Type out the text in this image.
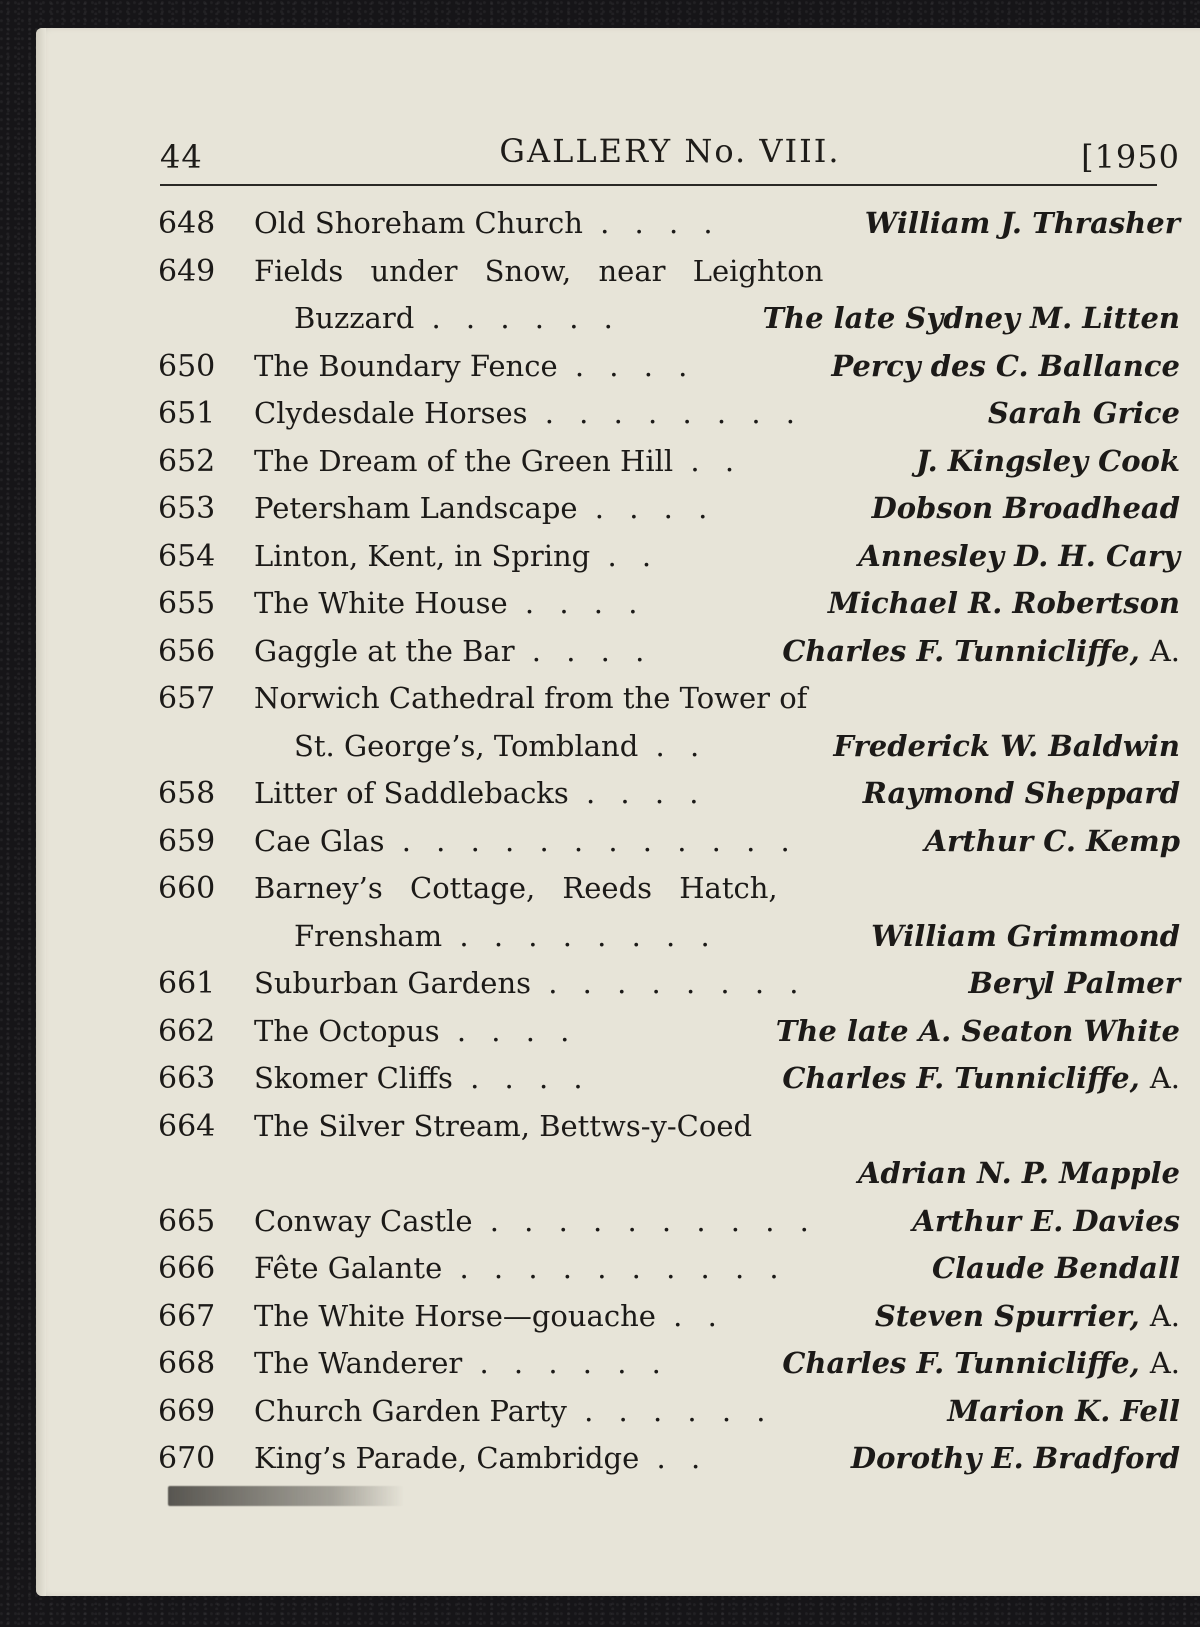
44	GALLERY No. VIII.	[1950
648	Old Shoreham Church . . . .	William J. Thrasher
649	Fields under Snow, near Leighton
Buzzard . . . . . .	The late Sydney M. Litten
650	The Boundary Fence . . . .	Percy des C. Ballance
651	Clydesdale Horses . . . . . . . .	Sarah Grice
652	The Dream of the Green Hill . .	J. Kingsley Cook
653	Petersham Landscape . . . .	Dobson Broadhead
654	Linton, Kent, in Spring . .	Annesley D. H. Cary
655	The White House . . . .	Michael R. Robertson
656	Gaggle at the Bar . . . .	Charles F. Tunnicliffe, A.
657	Norwich Cathedral from the Tower of
St. George’s, Tombland . .	Frederick W. Baldwin
658	Litter of Saddlebacks . . . .	Raymond Sheppard
659	Cae Glas . . . . . . . . . . . .	Arthur C. Kemp
660	Barney’s Cottage, Reeds Hatch,
Frensham . . . . . . . .	William Grimmond
661	Suburban Gardens . . . . . . . .	Beryl Palmer
662	The Octopus . . . .	The late A. Seaton White
663	Skomer Cliffs . . . .	Charles F. Tunnicliffe, A.
664	The Silver Stream, Bettws-y-Coed
Adrian N. P. Mapple
665	Conway Castle . . . . . . . . . .	Arthur E. Davies
666	Fête Galante . . . . . . . . . .	Claude Bendall
667	The White Horse—gouache . .	Steven Spurrier, A.
668	The Wanderer . . . . . .	Charles F. Tunnicliffe, A.
669	Church Garden Party . . . . . .	Marion K. Fell
670	King’s Parade, Cambridge . .	Dorothy E. Bradford
